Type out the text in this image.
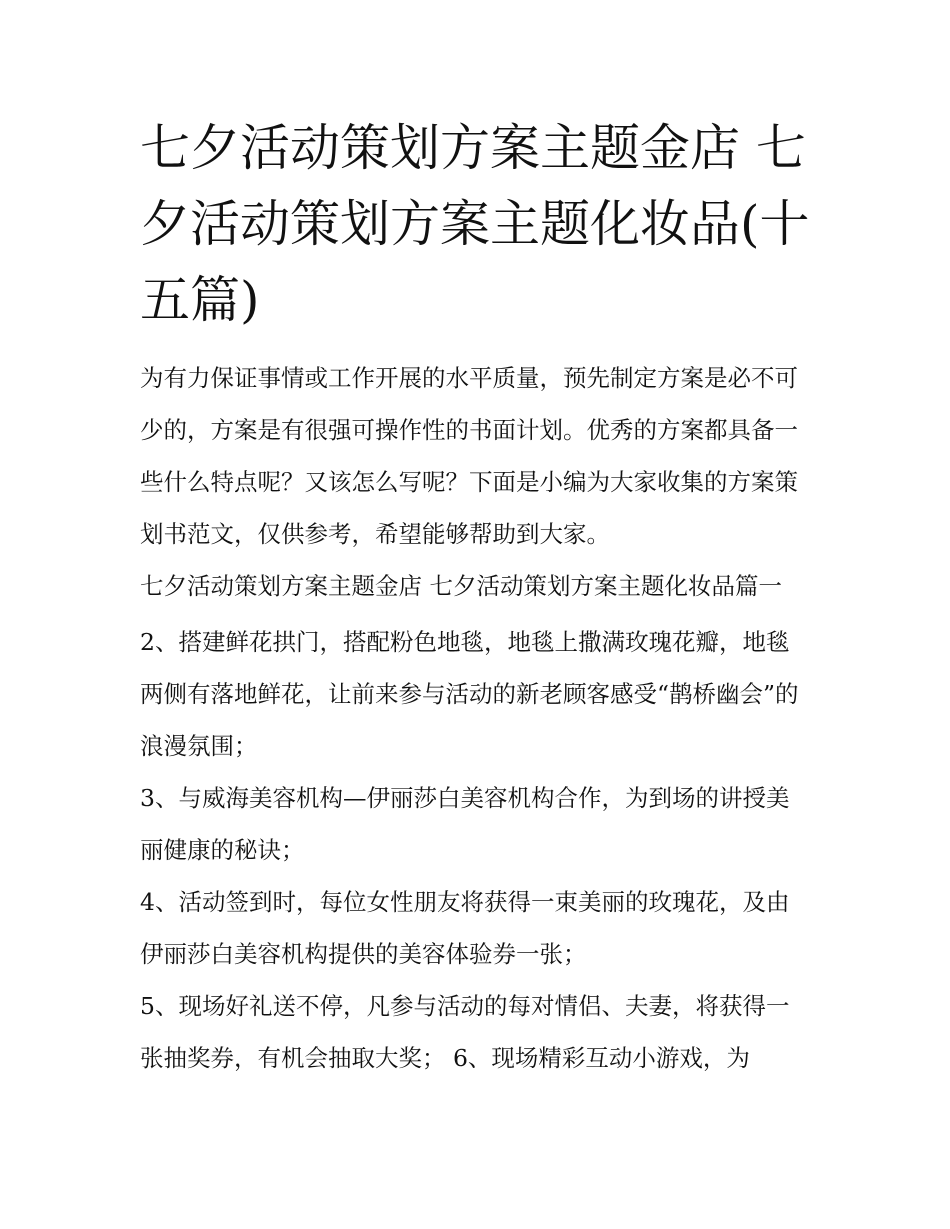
七夕活动策划方案主题金店 七夕活动策划方案主题化妆品(十五篇)

为有力保证事情或工作开展的水平质量，预先制定方案是必不可少的，方案是有很强可操作性的书面计划。优秀的方案都具备一些什么特点呢？又该怎么写呢？下面是小编为大家收集的方案策划书范文，仅供参考，希望能够帮助到大家。

七夕活动策划方案主题金店 七夕活动策划方案主题化妆品篇一

2、搭建鲜花拱门，搭配粉色地毯，地毯上撒满玫瑰花瓣，地毯两侧有落地鲜花，让前来参与活动的新老顾客感受“鹊桥幽会”的浪漫氛围；

3、与威海美容机构—伊丽莎白美容机构合作，为到场的讲授美丽健康的秘诀；

4、活动签到时，每位女性朋友将获得一束美丽的玫瑰花，及由伊丽莎白美容机构提供的美容体验券一张；

5、现场好礼送不停，凡参与活动的每对情侣、夫妻，将获得一张抽奖券，有机会抽取大奖； 6、现场精彩互动小游戏，为
